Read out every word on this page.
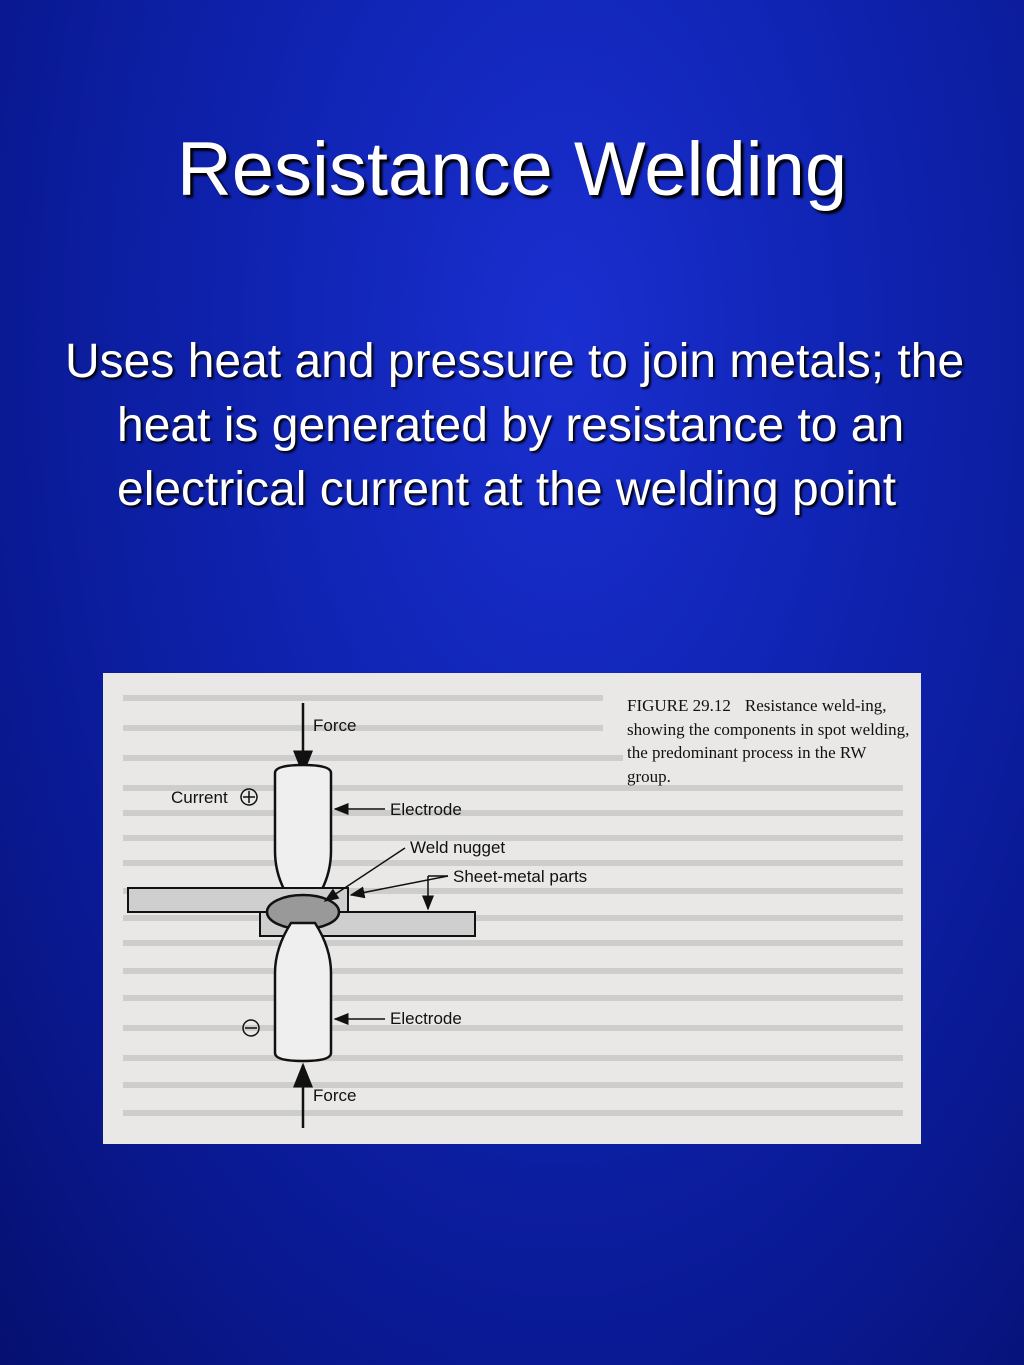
Resistance Welding

Uses heat and pressure to join metals; the heat is generated by resistance to an electrical current at the welding point

Force
Current
Electrode
Weld nugget
Sheet-metal parts
Electrode
Force
FIGURE 29.12 Resistance weld-ing, showing the components in spot welding, the predominant process in the RW group.
